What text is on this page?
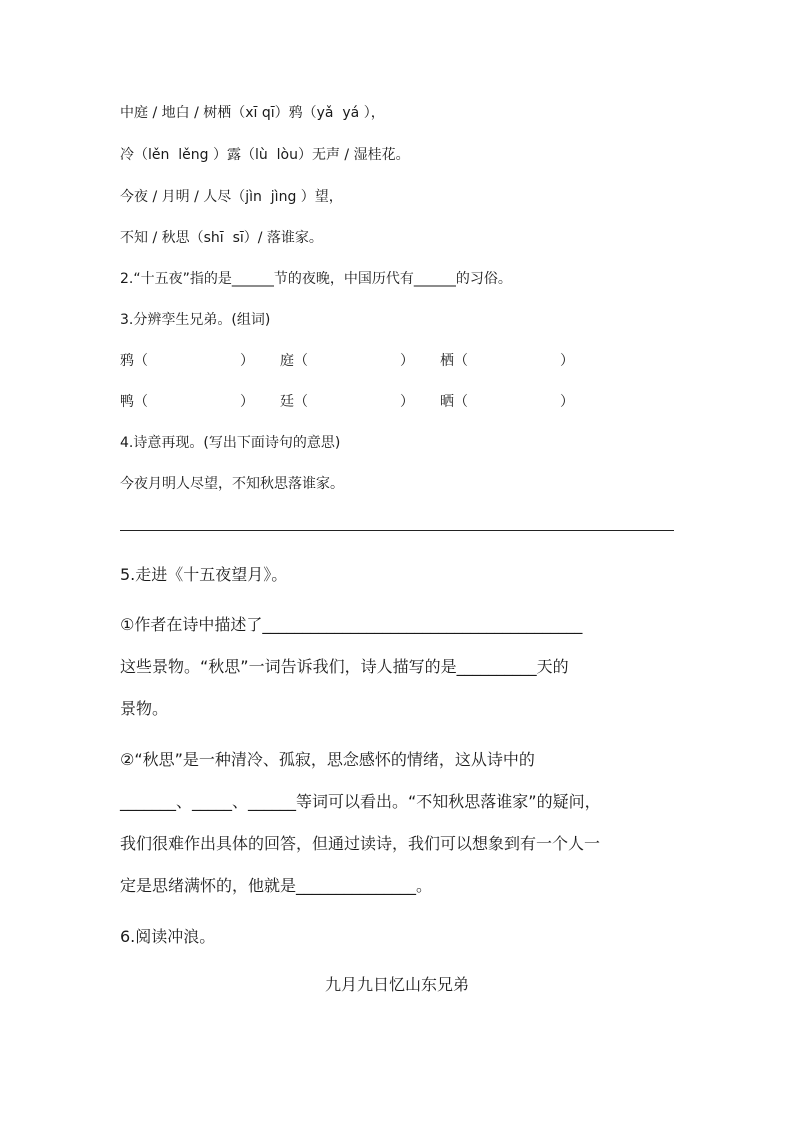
中庭 / 地白 / 树栖（xī qī）鸦（yǎ  yá ），
冷（lěn  lěng ）露（lù  lòu）无声 / 湿桂花。
今夜 / 月明 / 人尽（jìn  jìng ）望，
不知 / 秋思（shī  sī）/ 落谁家。
2.“十五夜”指的是______节的夜晚，中国历代有______的习俗。
3.分辨孪生兄弟。(组词)
鸦（	） 庭（	） 栖（	）
鸭（	） 廷（	） 晒（	）
4.诗意再现。(写出下面诗句的意思)
今夜月明人尽望，不知秋思落谁家。
5.走进《十五夜望月》。
①作者在诗中描述了________________________________________
这些景物。“秋思”一词告诉我们，诗人描写的是__________天的
景物。
②“秋思”是一种清冷、孤寂，思念感怀的情绪，这从诗中的
_______、_____、______等词可以看出。“不知秋思落谁家”的疑问，
我们很难作出具体的回答，但通过读诗，我们可以想象到有一个人一
定是思绪满怀的，他就是_______________。
6.阅读冲浪。
九月九日忆山东兄弟
